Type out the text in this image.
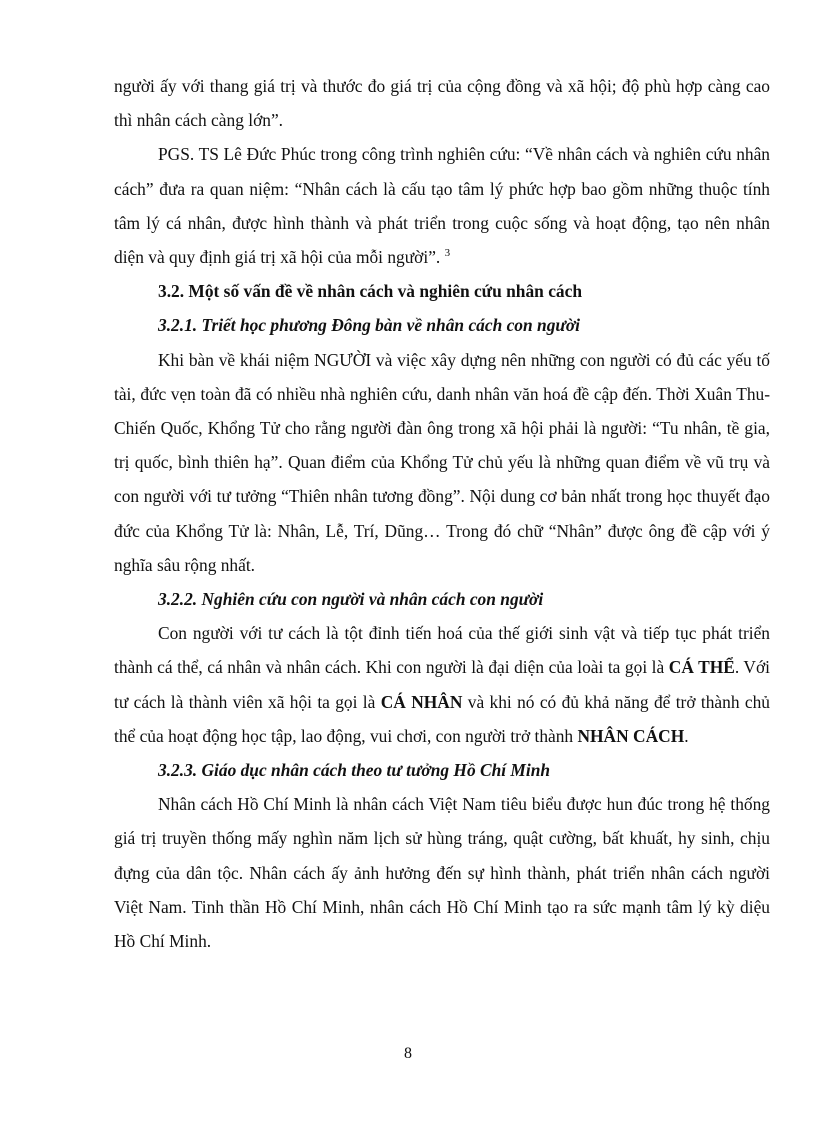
người ấy với thang giá trị và thước đo giá trị của cộng đồng và xã hội; độ phù hợp càng cao thì nhân cách càng lớn”.

PGS. TS Lê Đức Phúc trong công trình nghiên cứu: “Về nhân cách và nghiên cứu nhân cách” đưa ra quan niệm: “Nhân cách là cấu tạo tâm lý phức hợp bao gồm những thuộc tính tâm lý cá nhân, được hình thành và phát triển trong cuộc sống và hoạt động, tạo nên nhân diện và quy định giá trị xã hội của mỗi người”. $^3$

3.2. Một số vấn đề về nhân cách và nghiên cứu nhân cách

3.2.1. Triết học phương Đông bàn về nhân cách con người

Khi bàn về khái niệm NGƯỜI và việc xây dựng nên những con người có đủ các yếu tố tài, đức vẹn toàn đã có nhiều nhà nghiên cứu, danh nhân văn hoá đề cập đến. Thời Xuân Thu- Chiến Quốc, Khổng Tử cho rằng người đàn ông trong xã hội phải là người: “Tu nhân, tề gia, trị quốc, bình thiên hạ”. Quan điểm của Khổng Tử chủ yếu là những quan điểm về vũ trụ và con người với tư tưởng “Thiên nhân tương đồng”. Nội dung cơ bản nhất trong học thuyết đạo đức của Khổng Tử là: Nhân, Lễ, Trí, Dũng… Trong đó chữ “Nhân” được ông đề cập với ý nghĩa sâu rộng nhất.

3.2.2. Nghiên cứu con người và nhân cách con người

Con người với tư cách là tột đỉnh tiến hoá của thế giới sinh vật và tiếp tục phát triển thành cá thể, cá nhân và nhân cách. Khi con người là đại diện của loài ta gọi là CÁ THỂ. Với tư cách là thành viên xã hội ta gọi là CÁ NHÂN và khi nó có đủ khả năng để trở thành chủ thể của hoạt động học tập, lao động, vui chơi, con người trở thành NHÂN CÁCH.

3.2.3. Giáo dục nhân cách theo tư tưởng Hồ Chí Minh

Nhân cách Hồ Chí Minh là nhân cách Việt Nam tiêu biểu được hun đúc trong hệ thống giá trị truyền thống mấy nghìn năm lịch sử hùng tráng, quật cường, bất khuất, hy sinh, chịu đựng của dân tộc. Nhân cách ấy ảnh hưởng đến sự hình thành, phát triển nhân cách người Việt Nam. Tinh thần Hồ Chí Minh, nhân cách Hồ Chí Minh tạo ra sức mạnh tâm lý kỳ diệu Hồ Chí Minh.

8
